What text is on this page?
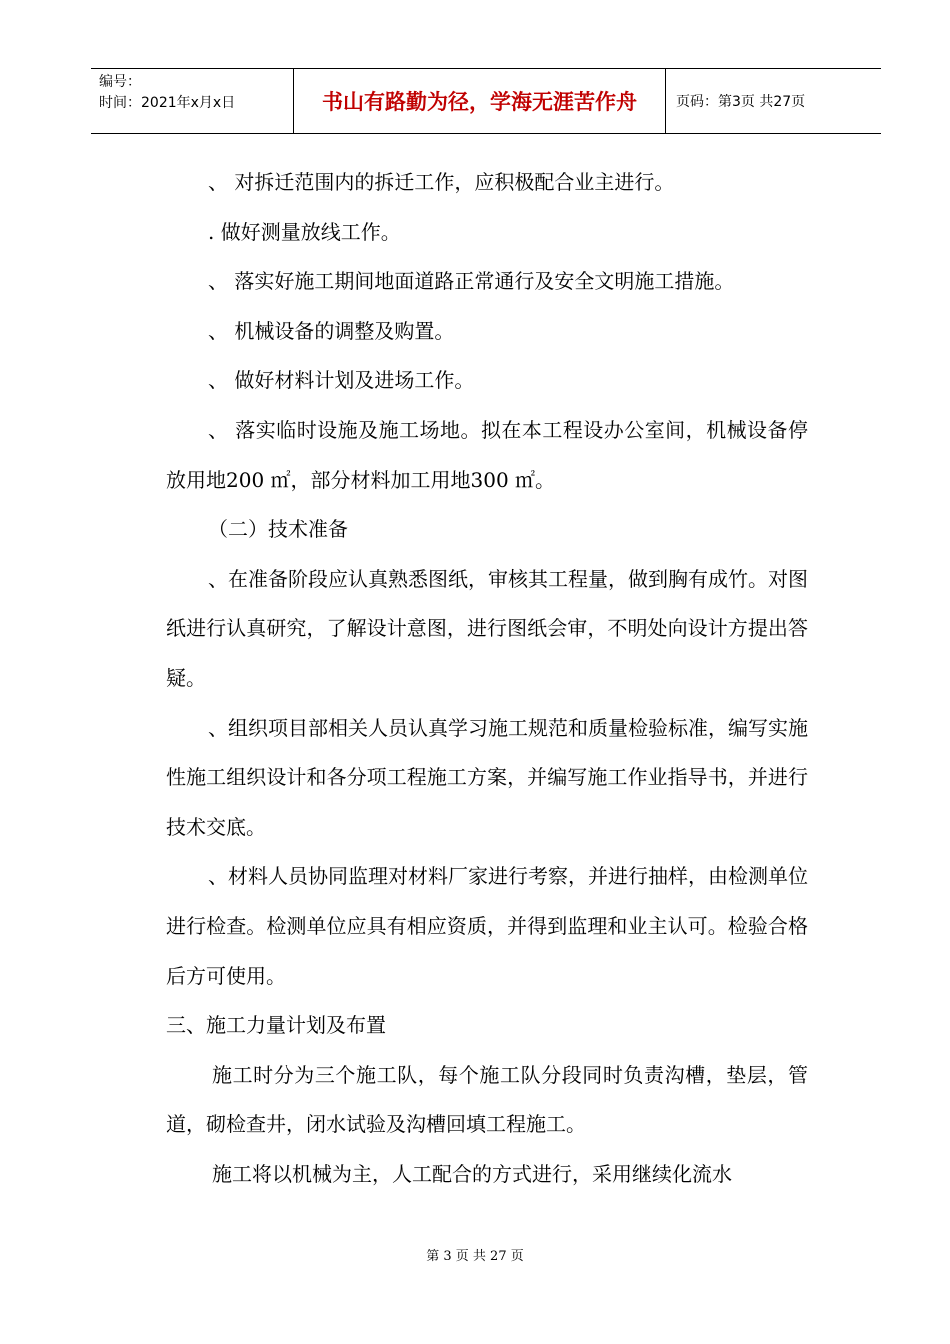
编号：
时间：2021年x月x日	书山有路勤为径，学海无涯苦作舟	页码：第3页 共27页

、 对拆迁范围内的拆迁工作，应积极配合业主进行。

. 做好测量放线工作。

、 落实好施工期间地面道路正常通行及安全文明施工措施。

、 机械设备的调整及购置。

、 做好材料计划及进场工作。

、 落实临时设施及施工场地。拟在本工程设办公室间，机械设备停放用地200 ㎡，部分材料加工用地300 ㎡。

（二）技术准备

、在准备阶段应认真熟悉图纸，审核其工程量，做到胸有成竹。对图纸进行认真研究，了解设计意图，进行图纸会审，不明处向设计方提出答疑。

、组织项目部相关人员认真学习施工规范和质量检验标准，编写实施性施工组织设计和各分项工程施工方案，并编写施工作业指导书，并进行技术交底。

、材料人员协同监理对材料厂家进行考察，并进行抽样，由检测单位进行检查。检测单位应具有相应资质，并得到监理和业主认可。检验合格后方可使用。

三、施工力量计划及布置

施工时分为三个施工队，每个施工队分段同时负责沟槽，垫层，管道，砌检查井，闭水试验及沟槽回填工程施工。

施工将以机械为主，人工配合的方式进行，采用继续化流水

第 3 页 共 27 页
